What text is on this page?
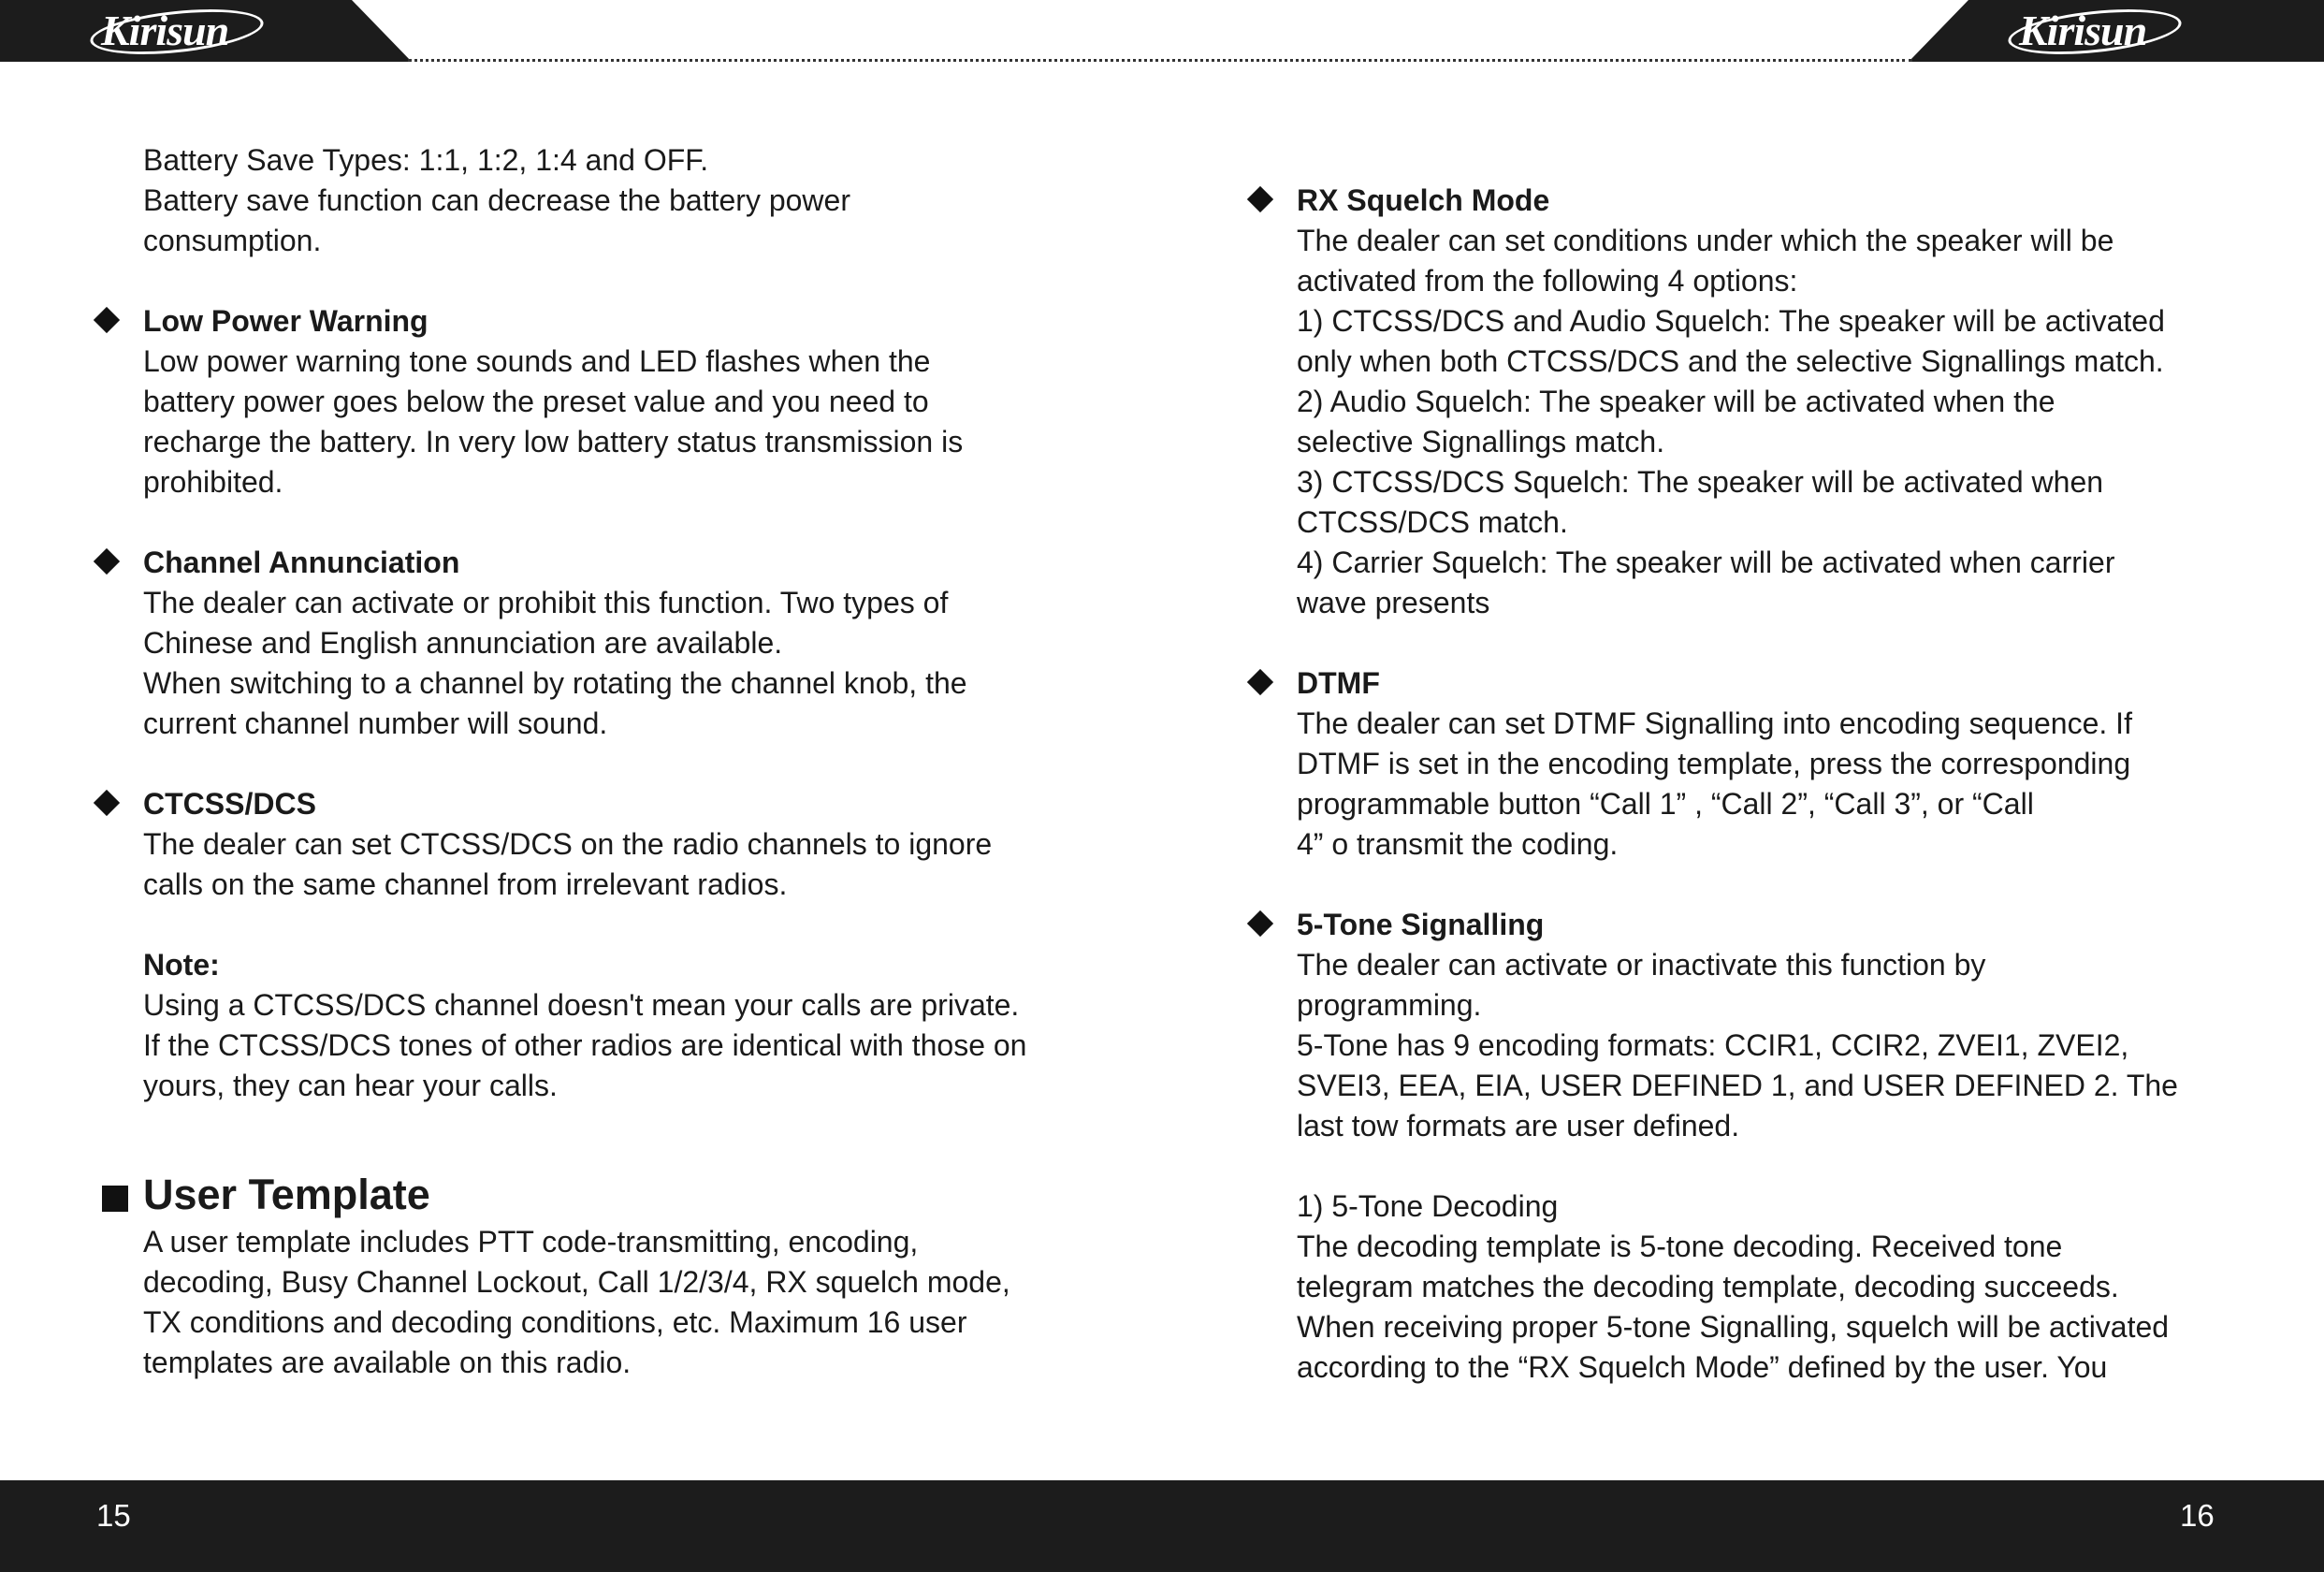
Kirisun	Kirisun

Battery Save Types: 1:1, 1:2, 1:4 and OFF.

Battery save function can decrease the battery power

consumption.

Low Power Warning

Low power warning tone sounds and LED flashes when the

battery power goes below the preset value and you need to

recharge the battery. In very low battery status transmission is

prohibited.

Channel Annunciation

The dealer can activate or prohibit this function. Two types of

Chinese and English annunciation are available.

When switching to a channel by rotating the channel knob, the

current channel number will sound.

CTCSS/DCS

The dealer can set CTCSS/DCS on the radio channels to ignore

calls on the same channel from irrelevant radios.

Note:

Using a CTCSS/DCS channel doesn't mean your calls are private.

If the CTCSS/DCS tones of other radios are identical with those on

yours, they can hear your calls.

User Template

A user template includes PTT code-transmitting, encoding,

decoding, Busy Channel Lockout, Call 1/2/3/4, RX squelch mode,

TX conditions and decoding conditions, etc. Maximum 16 user

templates are available on this radio.

RX Squelch Mode

The dealer can set conditions under which the speaker will be

activated from the following 4 options:

1) CTCSS/DCS and Audio Squelch: The speaker will be activated

only when both CTCSS/DCS and the selective Signallings match.

2) Audio Squelch: The speaker will be activated when the

selective Signallings match.

3) CTCSS/DCS Squelch: The speaker will be activated when

CTCSS/DCS match.

4) Carrier Squelch: The speaker will be activated when carrier

wave presents

DTMF

The dealer can set DTMF Signalling into encoding sequence. If

DTMF is set in the encoding template, press the corresponding

programmable button “Call 1” , “Call 2”, “Call 3”, or “Call

4” o transmit the coding.

5-Tone Signalling

The dealer can activate or inactivate this function by

programming.

5-Tone has 9 encoding formats: CCIR1, CCIR2, ZVEI1, ZVEI2,

SVEI3, EEA, EIA, USER DEFINED 1, and USER DEFINED 2. The

last tow formats are user defined.

1) 5-Tone Decoding

The decoding template is 5-tone decoding. Received tone

telegram matches the decoding template, decoding succeeds.

When receiving proper 5-tone Signalling, squelch will be activated

according to the “RX Squelch Mode” defined by the user. You

15	16
